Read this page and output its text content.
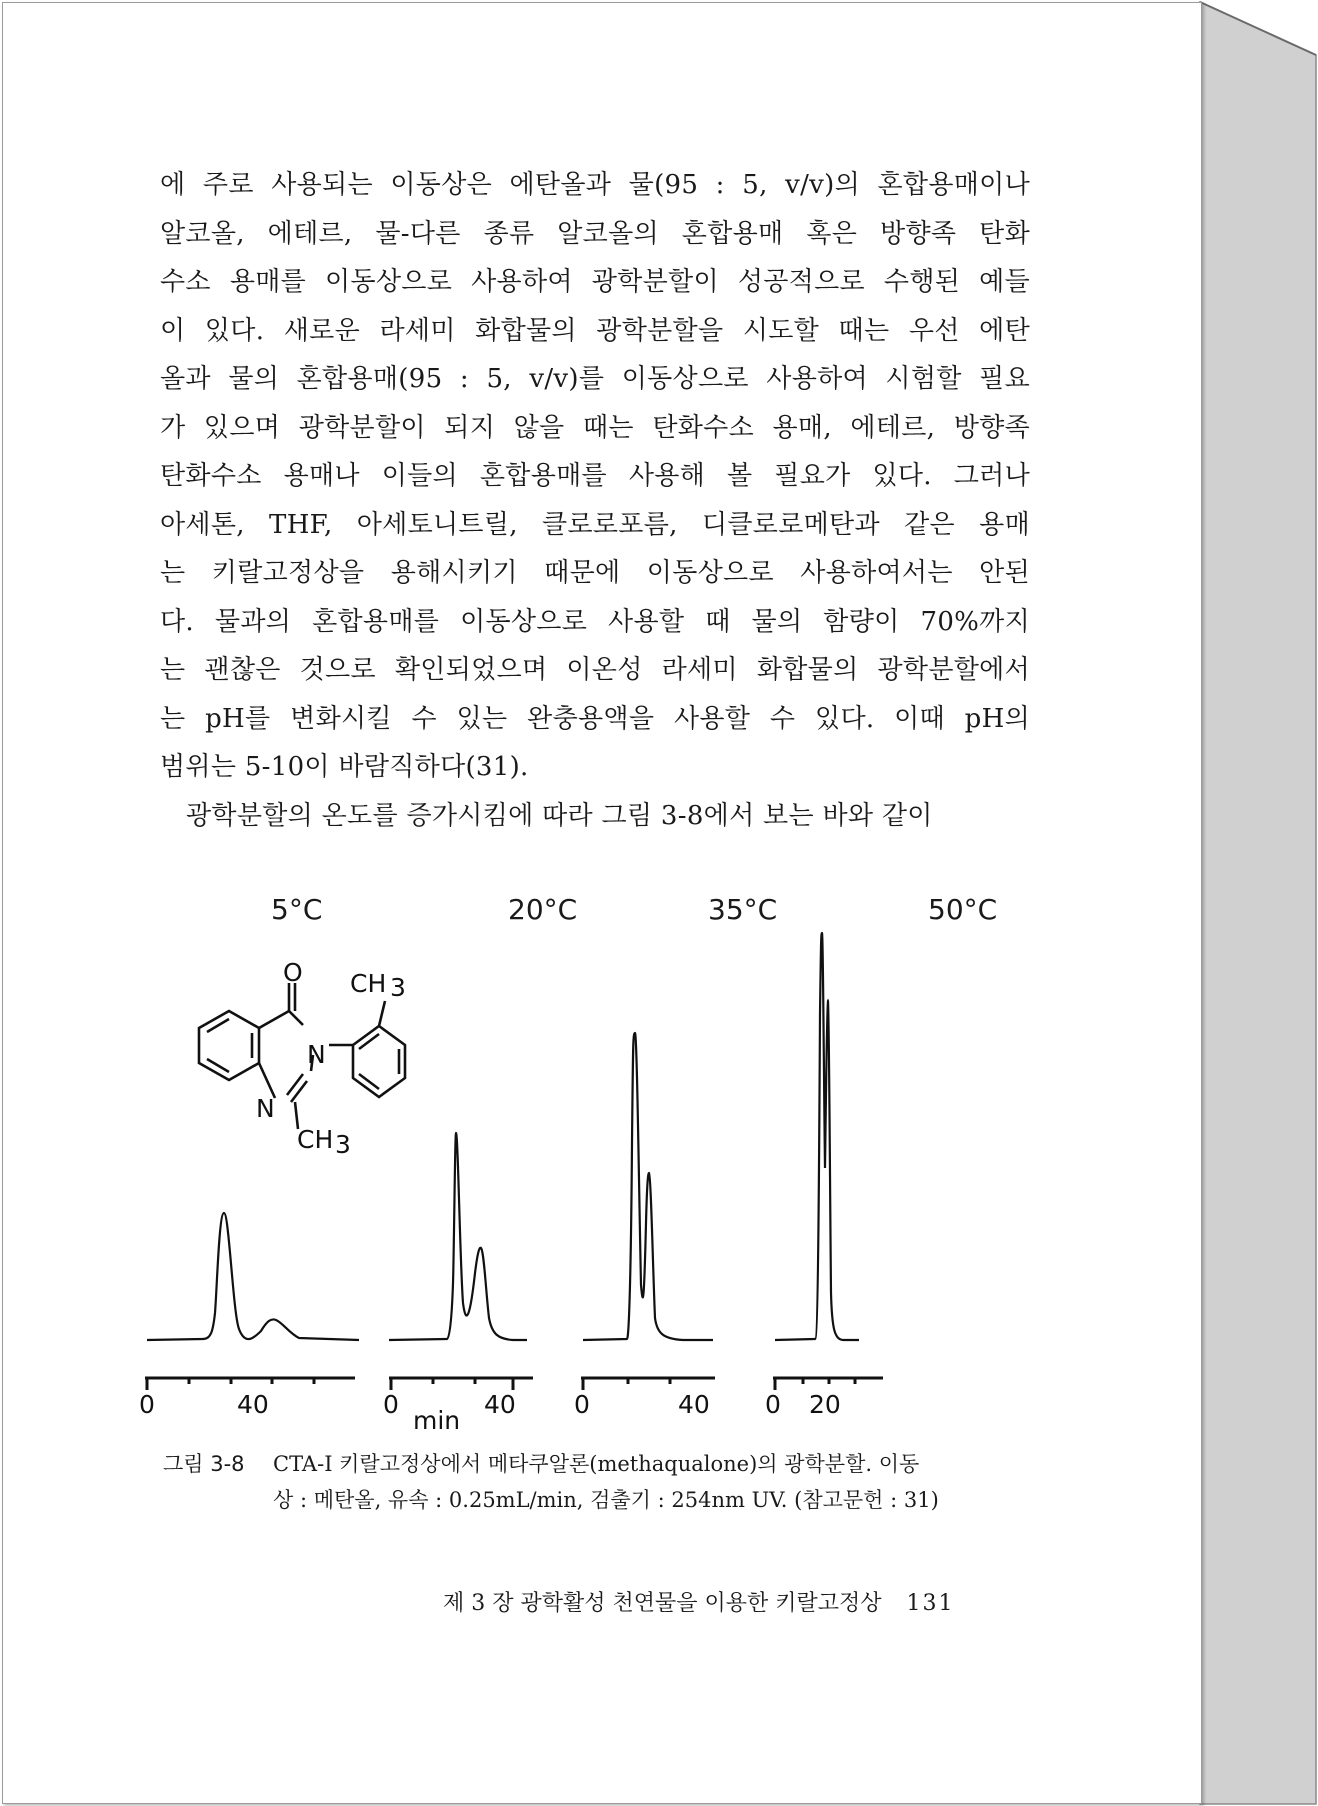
에 주로 사용되는 이동상은 에탄올과 물(95 : 5, v/v)의 혼합용매이나
알코올, 에테르, 물-다른 종류 알코올의 혼합용매 혹은 방향족 탄화
수소 용매를 이동상으로 사용하여 광학분할이 성공적으로 수행된 예들
이 있다. 새로운 라세미 화합물의 광학분할을 시도할 때는 우선 에탄
올과 물의 혼합용매(95 : 5, v/v)를 이동상으로 사용하여 시험할 필요
가 있으며 광학분할이 되지 않을 때는 탄화수소 용매, 에테르, 방향족
탄화수소 용매나 이들의 혼합용매를 사용해 볼 필요가 있다. 그러나
아세톤, THF, 아세토니트릴, 클로로포름, 디클로로메탄과 같은 용매
는 키랄고정상을 용해시키기 때문에 이동상으로 사용하여서는 안된
다. 물과의 혼합용매를 이동상으로 사용할 때 물의 함량이 70%까지
는 괜찮은 것으로 확인되었으며 이온성 라세미 화합물의 광학분할에서
는 pH를 변화시킬 수 있는 완충용액을 사용할 수 있다. 이때 pH의
범위는 5-10이 바람직하다(31).
광학분할의 온도를 증가시킴에 따라 그림 3-8에서 보는 바와 같이
5°C	20°C	35°C	50°C
O CH 3
N
N
CH 3
0	40	0	40
min
0	40 0 20
그림 3-8 CTA-I 키랄고정상에서 메타쿠알론(methaqualone)의 광학분할. 이동
상 : 메탄올, 유속 : 0.25mL/min, 검출기 : 254nm UV. (참고문헌 : 31)
제 3 장 광학활성 천연물을 이용한 키랄고정상 131
